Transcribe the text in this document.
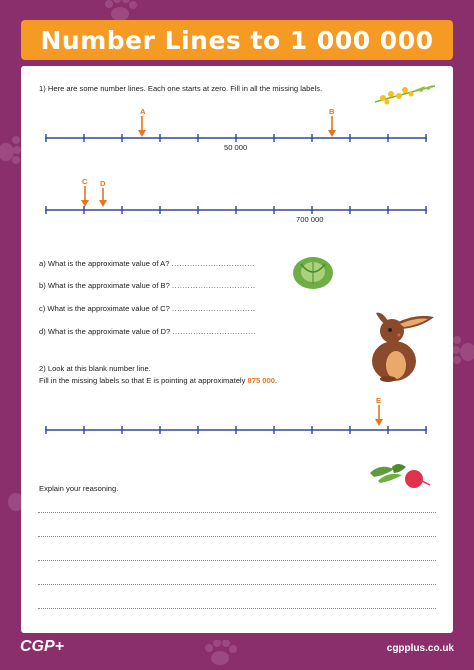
Number Lines to 1 000 000
1) Here are some number lines. Each one starts at zero. Fill in all the missing labels.
50 000
A	B
700 000
C D
a) What is the approximate value of A? ................................
b) What is the approximate value of B? ................................
c) What is the approximate value of C? ................................
d) What is the approximate value of D? ................................
2) Look at this blank number line.
Fill in the missing labels so that E is pointing at approximately 875 000.
E
Explain your reasoning.
CGP+	cgpplus.co.uk
